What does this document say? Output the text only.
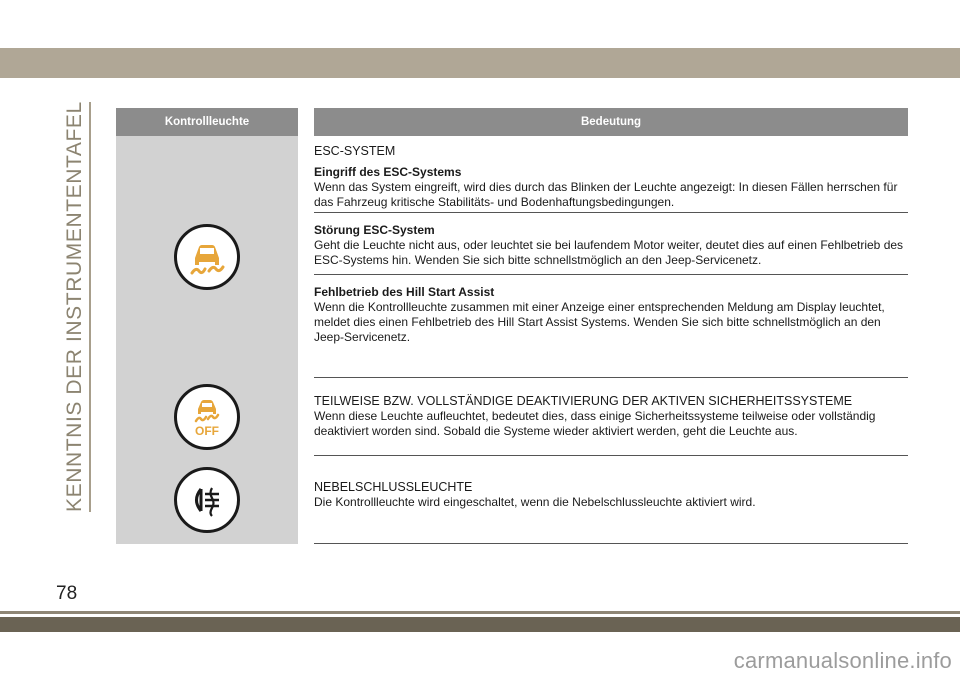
KENNTNIS DER INSTRUMENTENTAFEL	Kontrollleuchte	Bedeutung
ESC-SYSTEM
Eingriff des ESC-Systems
Wenn das System eingreift, wird dies durch das Blinken der Leuchte angezeigt: In diesen Fällen herrschen für das Fahrzeug kritische Stabilitäts- und Bodenhaftungsbedingungen.
Störung ESC-System
Geht die Leuchte nicht aus, oder leuchtet sie bei laufendem Motor weiter, deutet dies auf einen Fehlbetrieb des ESC-Systems hin. Wenden Sie sich bitte schnellstmöglich an den Jeep-Servicenetz.
Fehlbetrieb des Hill Start Assist
Wenn die Kontrollleuchte zusammen mit einer Anzeige einer entsprechenden Meldung am Display leuchtet, meldet dies einen Fehlbetrieb des Hill Start Assist Systems. Wenden Sie sich bitte schnellstmöglich an den Jeep-Servicenetz.
OFF
TEILWEISE BZW. VOLLSTÄNDIGE DEAKTIVIERUNG DER AKTIVEN SICHERHEITSSYSTEME
Wenn diese Leuchte aufleuchtet, bedeutet dies, dass einige Sicherheitssysteme teilweise oder vollständig deaktiviert worden sind. Sobald die Systeme wieder aktiviert werden, geht die Leuchte aus.
NEBELSCHLUSSLEUCHTE
Die Kontrollleuchte wird eingeschaltet, wenn die Nebelschlussleuchte aktiviert wird.
78
carmanualsonline.info
